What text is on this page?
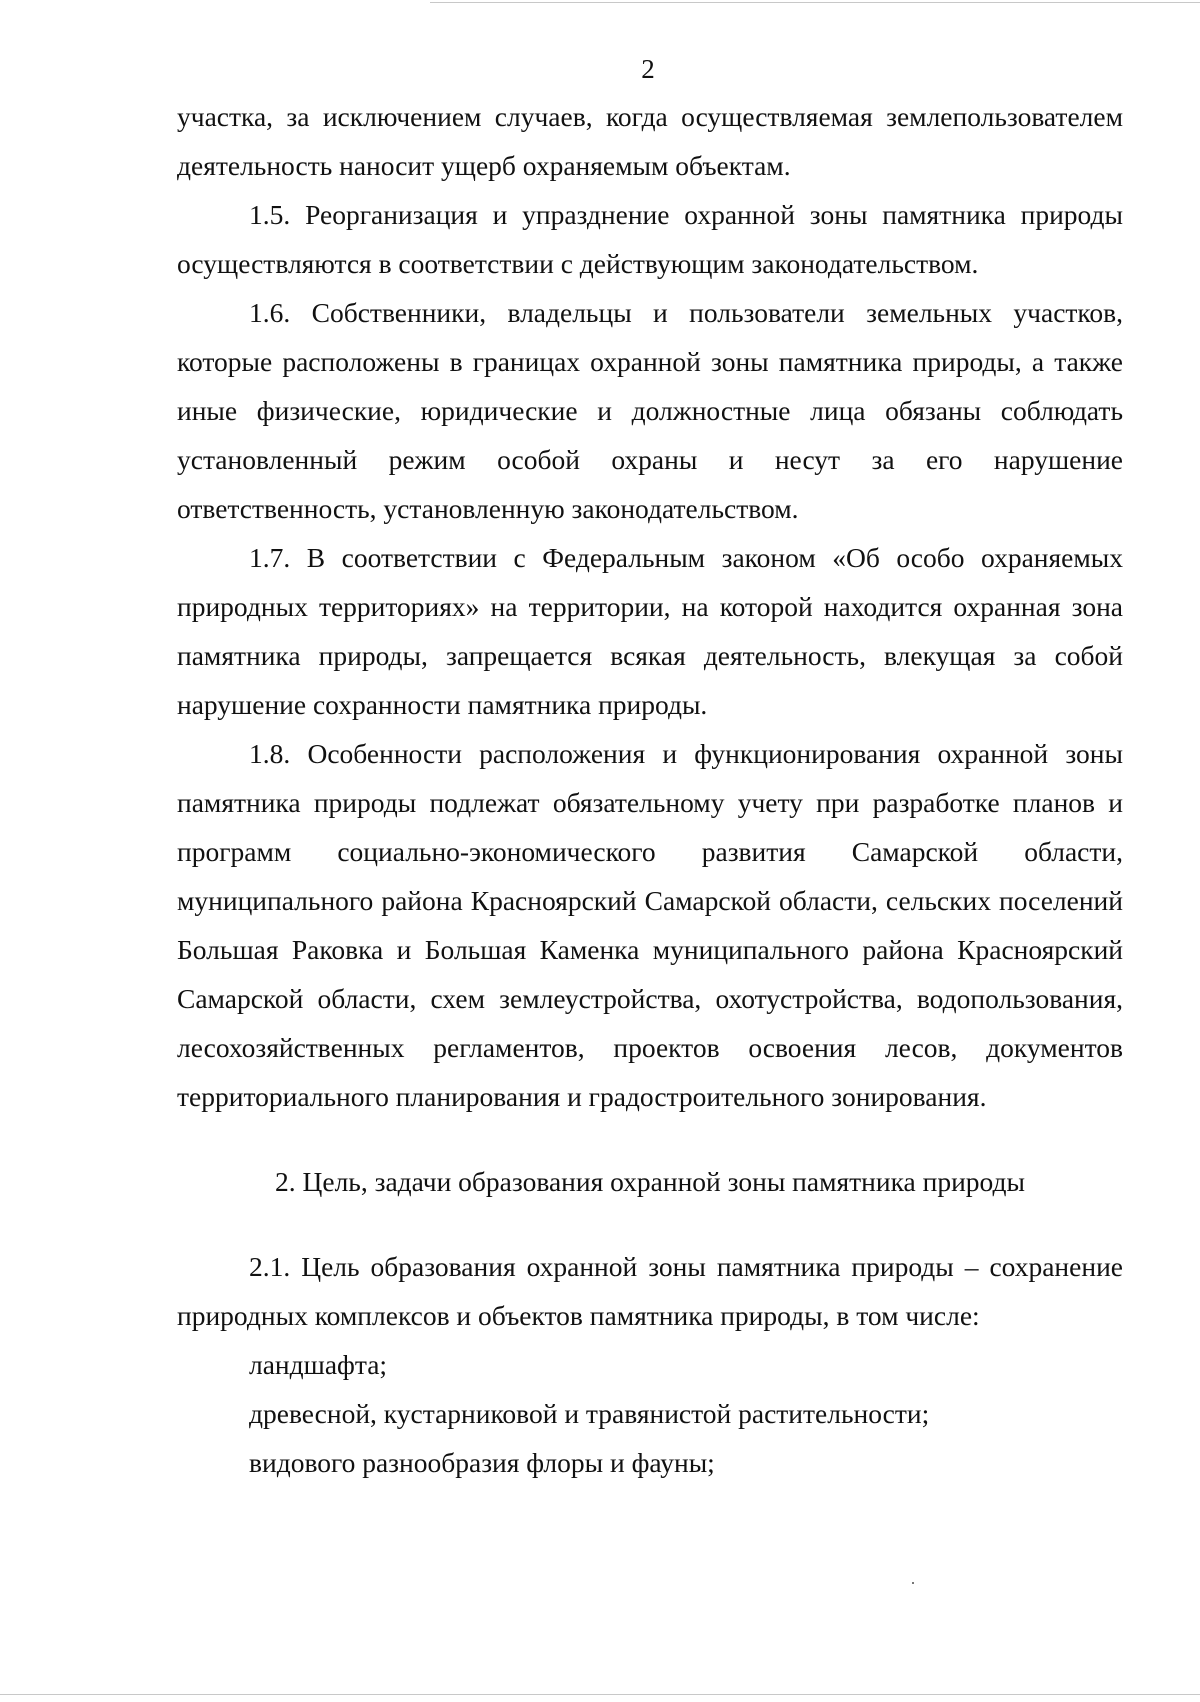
2

участка, за исключением случаев, когда осуществляемая землепользователем деятельность наносит ущерб охраняемым объектам.

1.5. Реорганизация и упразднение охранной зоны памятника природы осуществляются в соответствии с действующим законодательством.

1.6. Собственники, владельцы и пользователи земельных участков, которые расположены в границах охранной зоны памятника природы, а также иные физические, юридические и должностные лица обязаны соблюдать установленный режим особой охраны и несут за его нарушение ответственность, установленную законодательством.

1.7. В соответствии с Федеральным законом «Об особо охраняемых природных территориях» на территории, на которой находится охранная зона памятника природы, запрещается всякая деятельность, влекущая за собой нарушение сохранности памятника природы.

1.8. Особенности расположения и функционирования охранной зоны памятника природы подлежат обязательному учету при разработке планов и программ социально-экономического развития Самарской области, муниципального района Красноярский Самарской области, сельских поселений Большая Раковка и Большая Каменка муниципального района Красноярский Самарской области, схем землеустройства, охотустройства, водопользования, лесохозяйственных регламентов, проектов освоения лесов, документов территориального планирования и градостроительного зонирования.

2. Цель, задачи образования охранной зоны памятника природы

2.1. Цель образования охранной зоны памятника природы – сохранение природных комплексов и объектов памятника природы, в том числе:

ландшафта;

древесной, кустарниковой и травянистой растительности;

видового разнообразия флоры и фауны;
